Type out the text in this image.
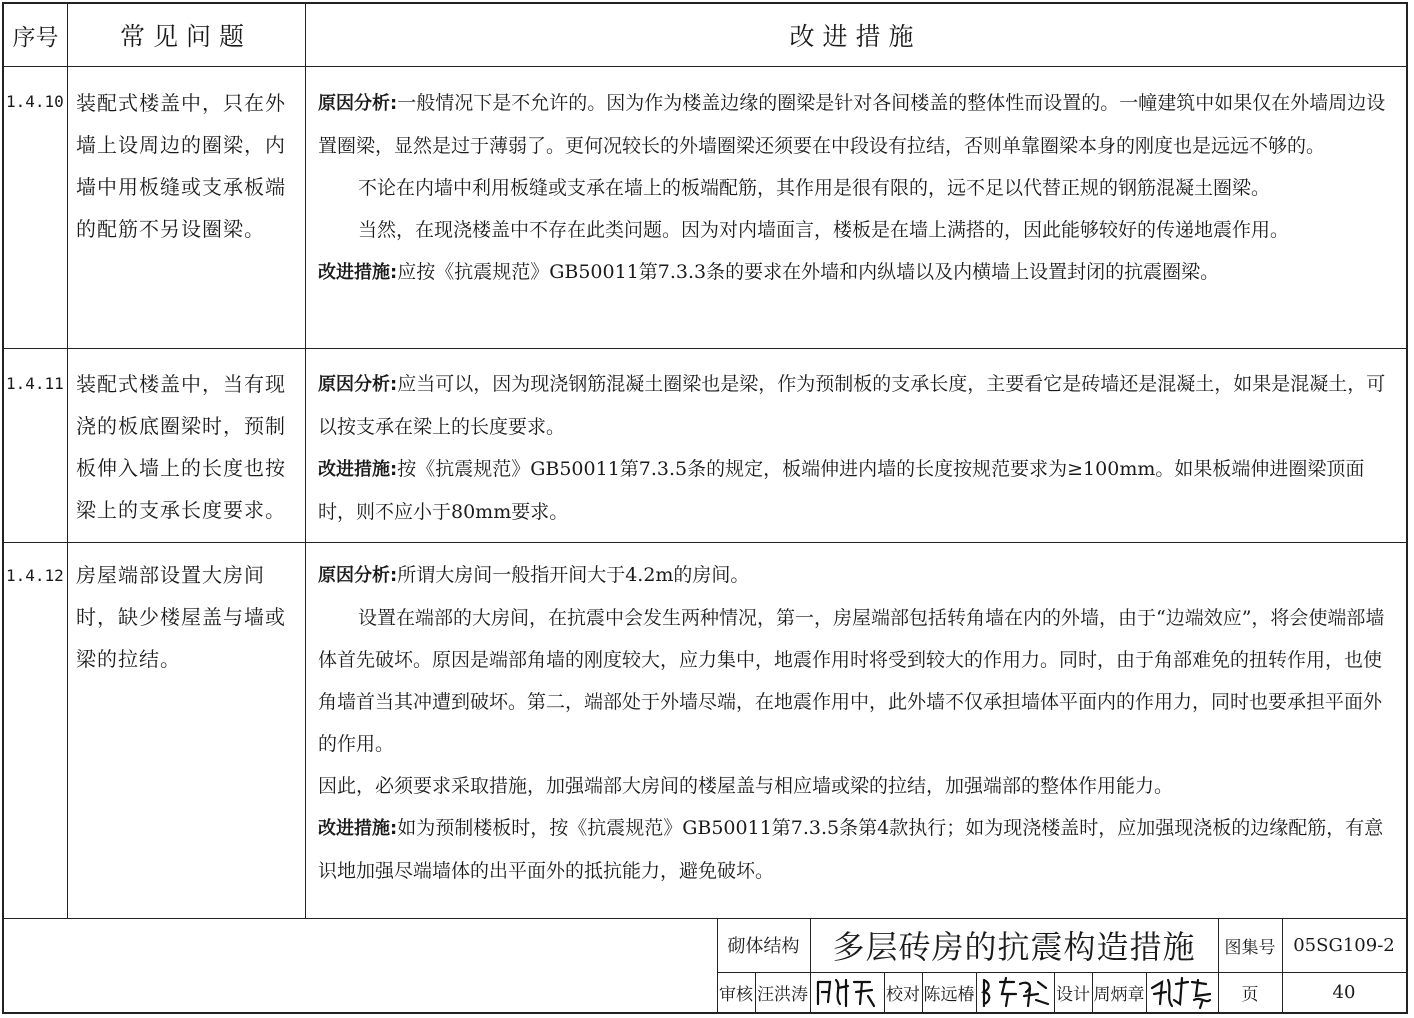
序号	常见问题	改进措施
1.4.10 装配式楼盖中，只在外墙上设周边的圈梁，内墙中用板缝或支承板端的配筋不另设圈梁。

原因分析:一般情况下是不允许的。因为作为楼盖边缘的圈梁是针对各间楼盖的整体性而设置的。一幢建筑中如果仅在外墙周边设置圈梁，显然是过于薄弱了。更何况较长的外墙圈梁还须要在中段设有拉结，否则单靠圈梁本身的刚度也是远远不够的。

不论在内墙中利用板缝或支承在墙上的板端配筋，其作用是很有限的，远不足以代替正规的钢筋混凝土圈梁。

当然，在现浇楼盖中不存在此类问题。因为对内墙面言，楼板是在墙上满搭的，因此能够较好的传递地震作用。

改进措施:应按《抗震规范》GB50011第7.3.3条的要求在外墙和内纵墙以及内横墙上设置封闭的抗震圈梁。

1.4.11 装配式楼盖中，当有现浇的板底圈梁时，预制板伸入墙上的长度也按梁上的支承长度要求。

原因分析:应当可以，因为现浇钢筋混凝土圈梁也是梁，作为预制板的支承长度，主要看它是砖墙还是混凝土，如果是混凝土，可以按支承在梁上的长度要求。

改进措施:按《抗震规范》GB50011第7.3.5条的规定，板端伸进内墙的长度按规范要求为≥100mm。如果板端伸进圈梁顶面时，则不应小于80mm要求。

1.4.12 房屋端部设置大房间时，缺少楼屋盖与墙或梁的拉结。

原因分析:所谓大房间一般指开间大于4.2m的房间。

设置在端部的大房间，在抗震中会发生两种情况，第一，房屋端部包括转角墙在内的外墙，由于“边端效应”，将会使端部墙体首先破坏。原因是端部角墙的刚度较大，应力集中，地震作用时将受到较大的作用力。同时，由于角部难免的扭转作用，也使角墙首当其冲遭到破坏。第二，端部处于外墙尽端，在地震作用中，此外墙不仅承担墙体平面内的作用力，同时也要承担平面外的作用。

因此，必须要求采取措施，加强端部大房间的楼屋盖与相应墙或梁的拉结，加强端部的整体作用能力。

改进措施:如为预制楼板时，按《抗震规范》GB50011第7.3.5条第4款执行；如为现浇楼盖时，应加强现浇板的边缘配筋，有意识地加强尽端墙体的出平面外的抵抗能力，避免破坏。

砌体结构	多层砖房的抗震构造措施	图集号 05SG109-2
审核 汪洪涛	校对 陈远椿	设计 周炳章	页	40
